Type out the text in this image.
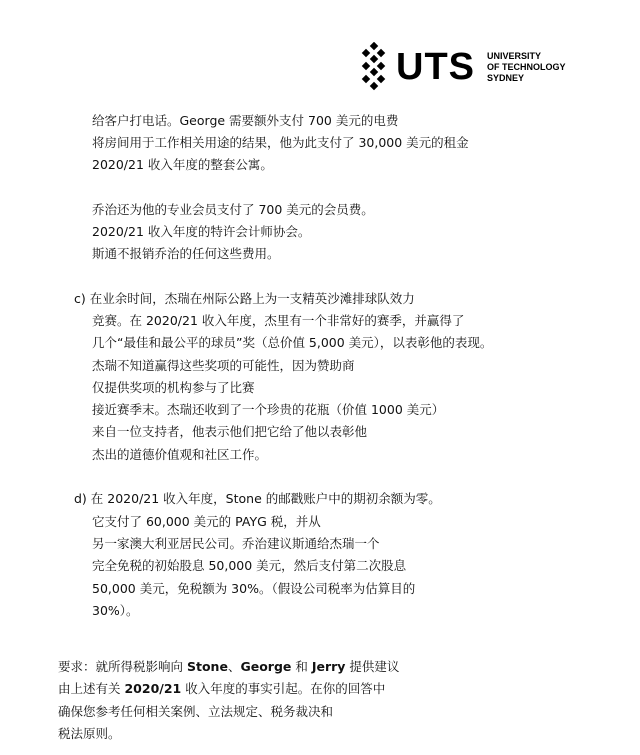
UTS UNIVERSITY
OF TECHNOLOGY
SYDNEY

给客户打电话。George 需要额外支付 700 美元的电费

将房间用于工作相关用途的结果，他为此支付了 30,000 美元的租金

2020/21 收入年度的整套公寓。

乔治还为他的专业会员支付了 700 美元的会员费。

2020/21 收入年度的特许会计师协会。

斯通不报销乔治的任何这些费用。

c) 在业余时间，杰瑞在州际公路上为一支精英沙滩排球队效力

竞赛。在 2020/21 收入年度，杰里有一个非常好的赛季，并赢得了

几个“最佳和最公平的球员”奖（总价值 5,000 美元），以表彰他的表现。

杰瑞不知道赢得这些奖项的可能性，因为赞助商

仅提供奖项的机构参与了比赛

接近赛季末。杰瑞还收到了一个珍贵的花瓶（价值 1000 美元）

来自一位支持者，他表示他们把它给了他以表彰他

杰出的道德价值观和社区工作。

d) 在 2020/21 收入年度，Stone 的邮戳账户中的期初余额为零。

它支付了 60,000 美元的 PAYG 税，并从

另一家澳大利亚居民公司。乔治建议斯通给杰瑞一个

完全免税的初始股息 50,000 美元，然后支付第二次股息

50,000 美元，免税额为 30%。（假设公司税率为估算目的

30%）。

要求：就所得税影响向 Stone、George 和 Jerry 提供建议

由上述有关 2020/21 收入年度的事实引起。在你的回答中

确保您参考任何相关案例、立法规定、税务裁决和

税法原则。
